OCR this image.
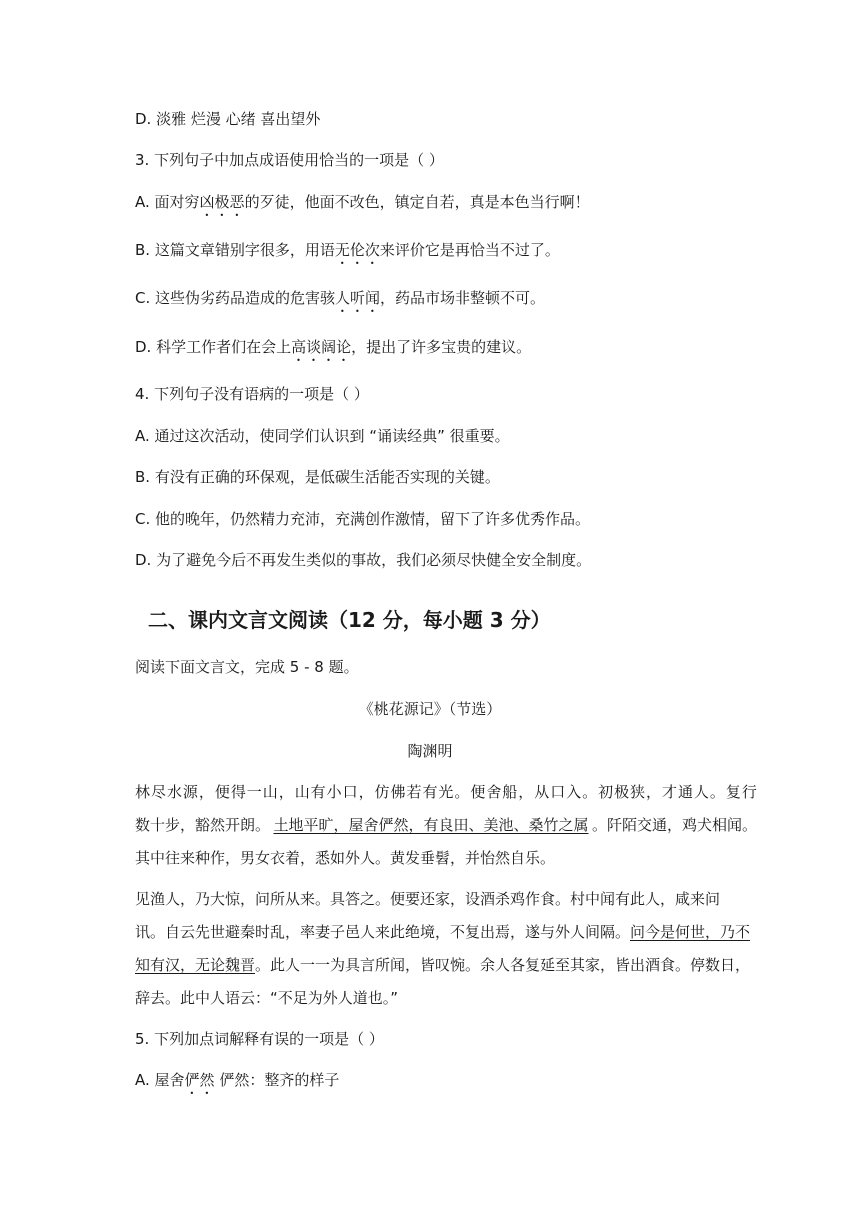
D. 淡雅 烂漫 心绪 喜出望外
3. 下列句子中加点成语使用恰当的一项是（ ）
A. 面对穷凶极恶的歹徒，他面不改色，镇定自若，真是本色当行啊！
B. 这篇文章错别字很多，用语无伦次来评价它是再恰当不过了。
C. 这些伪劣药品造成的危害骇人听闻，药品市场非整顿不可。
D. 科学工作者们在会上高谈阔论，提出了许多宝贵的建议。
4. 下列句子没有语病的一项是（ ）
A. 通过这次活动，使同学们认识到 “诵读经典” 很重要。
B. 有没有正确的环保观，是低碳生活能否实现的关键。
C. 他的晚年，仍然精力充沛，充满创作激情，留下了许多优秀作品。
D. 为了避免今后不再发生类似的事故，我们必须尽快健全安全制度。
二、课内文言文阅读（12 分，每小题 3 分）
阅读下面文言文，完成 5 - 8 题。
《桃花源记》（节选）
陶渊明
林 尽 水 源 ， 便 得 一 山 ， 山 有 小 口 ， 仿 佛 若 有 光 。 便 舍 船 ， 从 口 入 。 初 极 狭 ， 才 通 人 。 复 行
数十步，豁然开朗。 土地平旷，屋舍俨然，有良田、美池、桑竹之属 。阡陌交通，鸡犬相闻。
其中往来种作，男女衣着，悉如外人。黄发垂髫，并怡然自乐。
见渔人，乃大惊，问所从来。具答之。便要还家，设酒杀鸡作食。村中闻有此人，咸来问
讯。自云先世避秦时乱，率妻子邑人来此绝境，不复出焉，遂与外人间隔。 问今是何世，乃不
知有汉，无论魏晋 。此人一一为具言所闻，皆叹惋。余人各复延至其家，皆出酒食。停数日，
辞去。此中人语云：“不足为外人道也。”
5. 下列加点词解释有误的一项是（ ）
A. 屋舍俨然 俨然：整齐的样子
